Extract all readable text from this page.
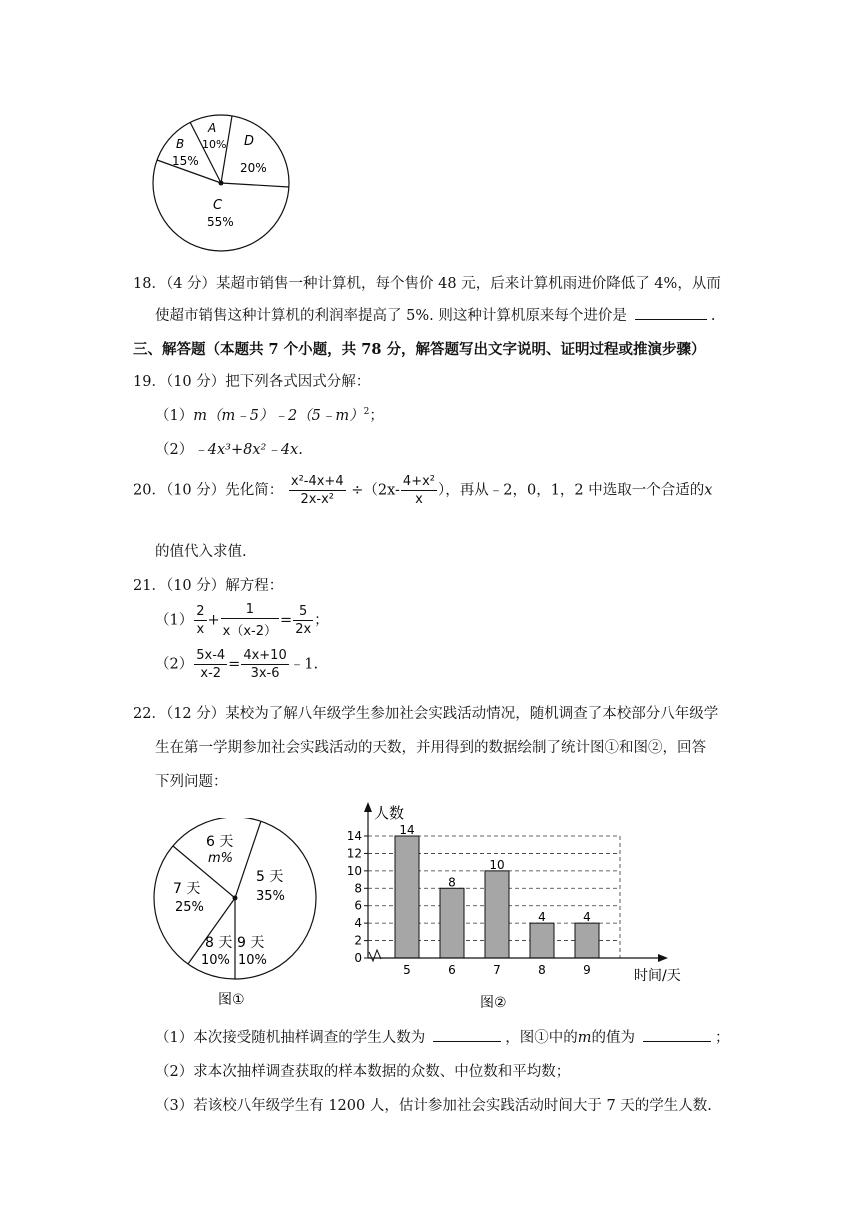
A
10%
B
15%
D
20%
C
55%
18．（4 分）某超市销售一种计算机，每个售价 48 元，后来计算机雨进价降低了 4%，从而
使超市销售这种计算机的利润率提高了 5%. 则这种计算机原来每个进价是	.
三、解答题（本题共 7 个小题，共 78 分，解答题写出文字说明、证明过程或推演步骤）
19．（10 分）把下列各式因式分解：
（1）m（m﹣5）﹣2（5﹣m）$^2$；
（2）﹣4x³+8x²﹣4x.
20．（10 分）先化简： $\frac{\text{x²-4x+4}}{\text{2x-x²}} \div(2x- \frac{\text{4+x²}}{x}$ ），再从﹣2，0，1，2 中选取一个合适的x
的值代入求值.
21．（10 分）解方程：
$(1) \frac{2}{x} + \frac{1}{x(x-2)} = \frac{5}{2x}$ ；
$(2) \frac{5x-4}{x-2} = \frac{4x+10}{3x-6}$ ﹣1.
22．（12 分）某校为了解八年级学生参加社会实践活动情况，随机调查了本校部分八年级学
生在第一学期参加社会实践活动的天数，并用得到的数据绘制了统计图①和图②，回答
下列问题：
6 天
m%
5 天
35%
7 天
25%
8 天
10%
9 天
10%
图①
14
8
10
4	4
0
2
4
6
8
10
12
14
5	6	7	8	9
人数
时间/天
图②
（1）本次接受随机抽样调查的学生人数为	，图①中的m的值为	；
（2）求本次抽样调查获取的样本数据的众数、中位数和平均数；
（3）若该校八年级学生有 1200 人，估计参加社会实践活动时间大于 7 天的学生人数.
